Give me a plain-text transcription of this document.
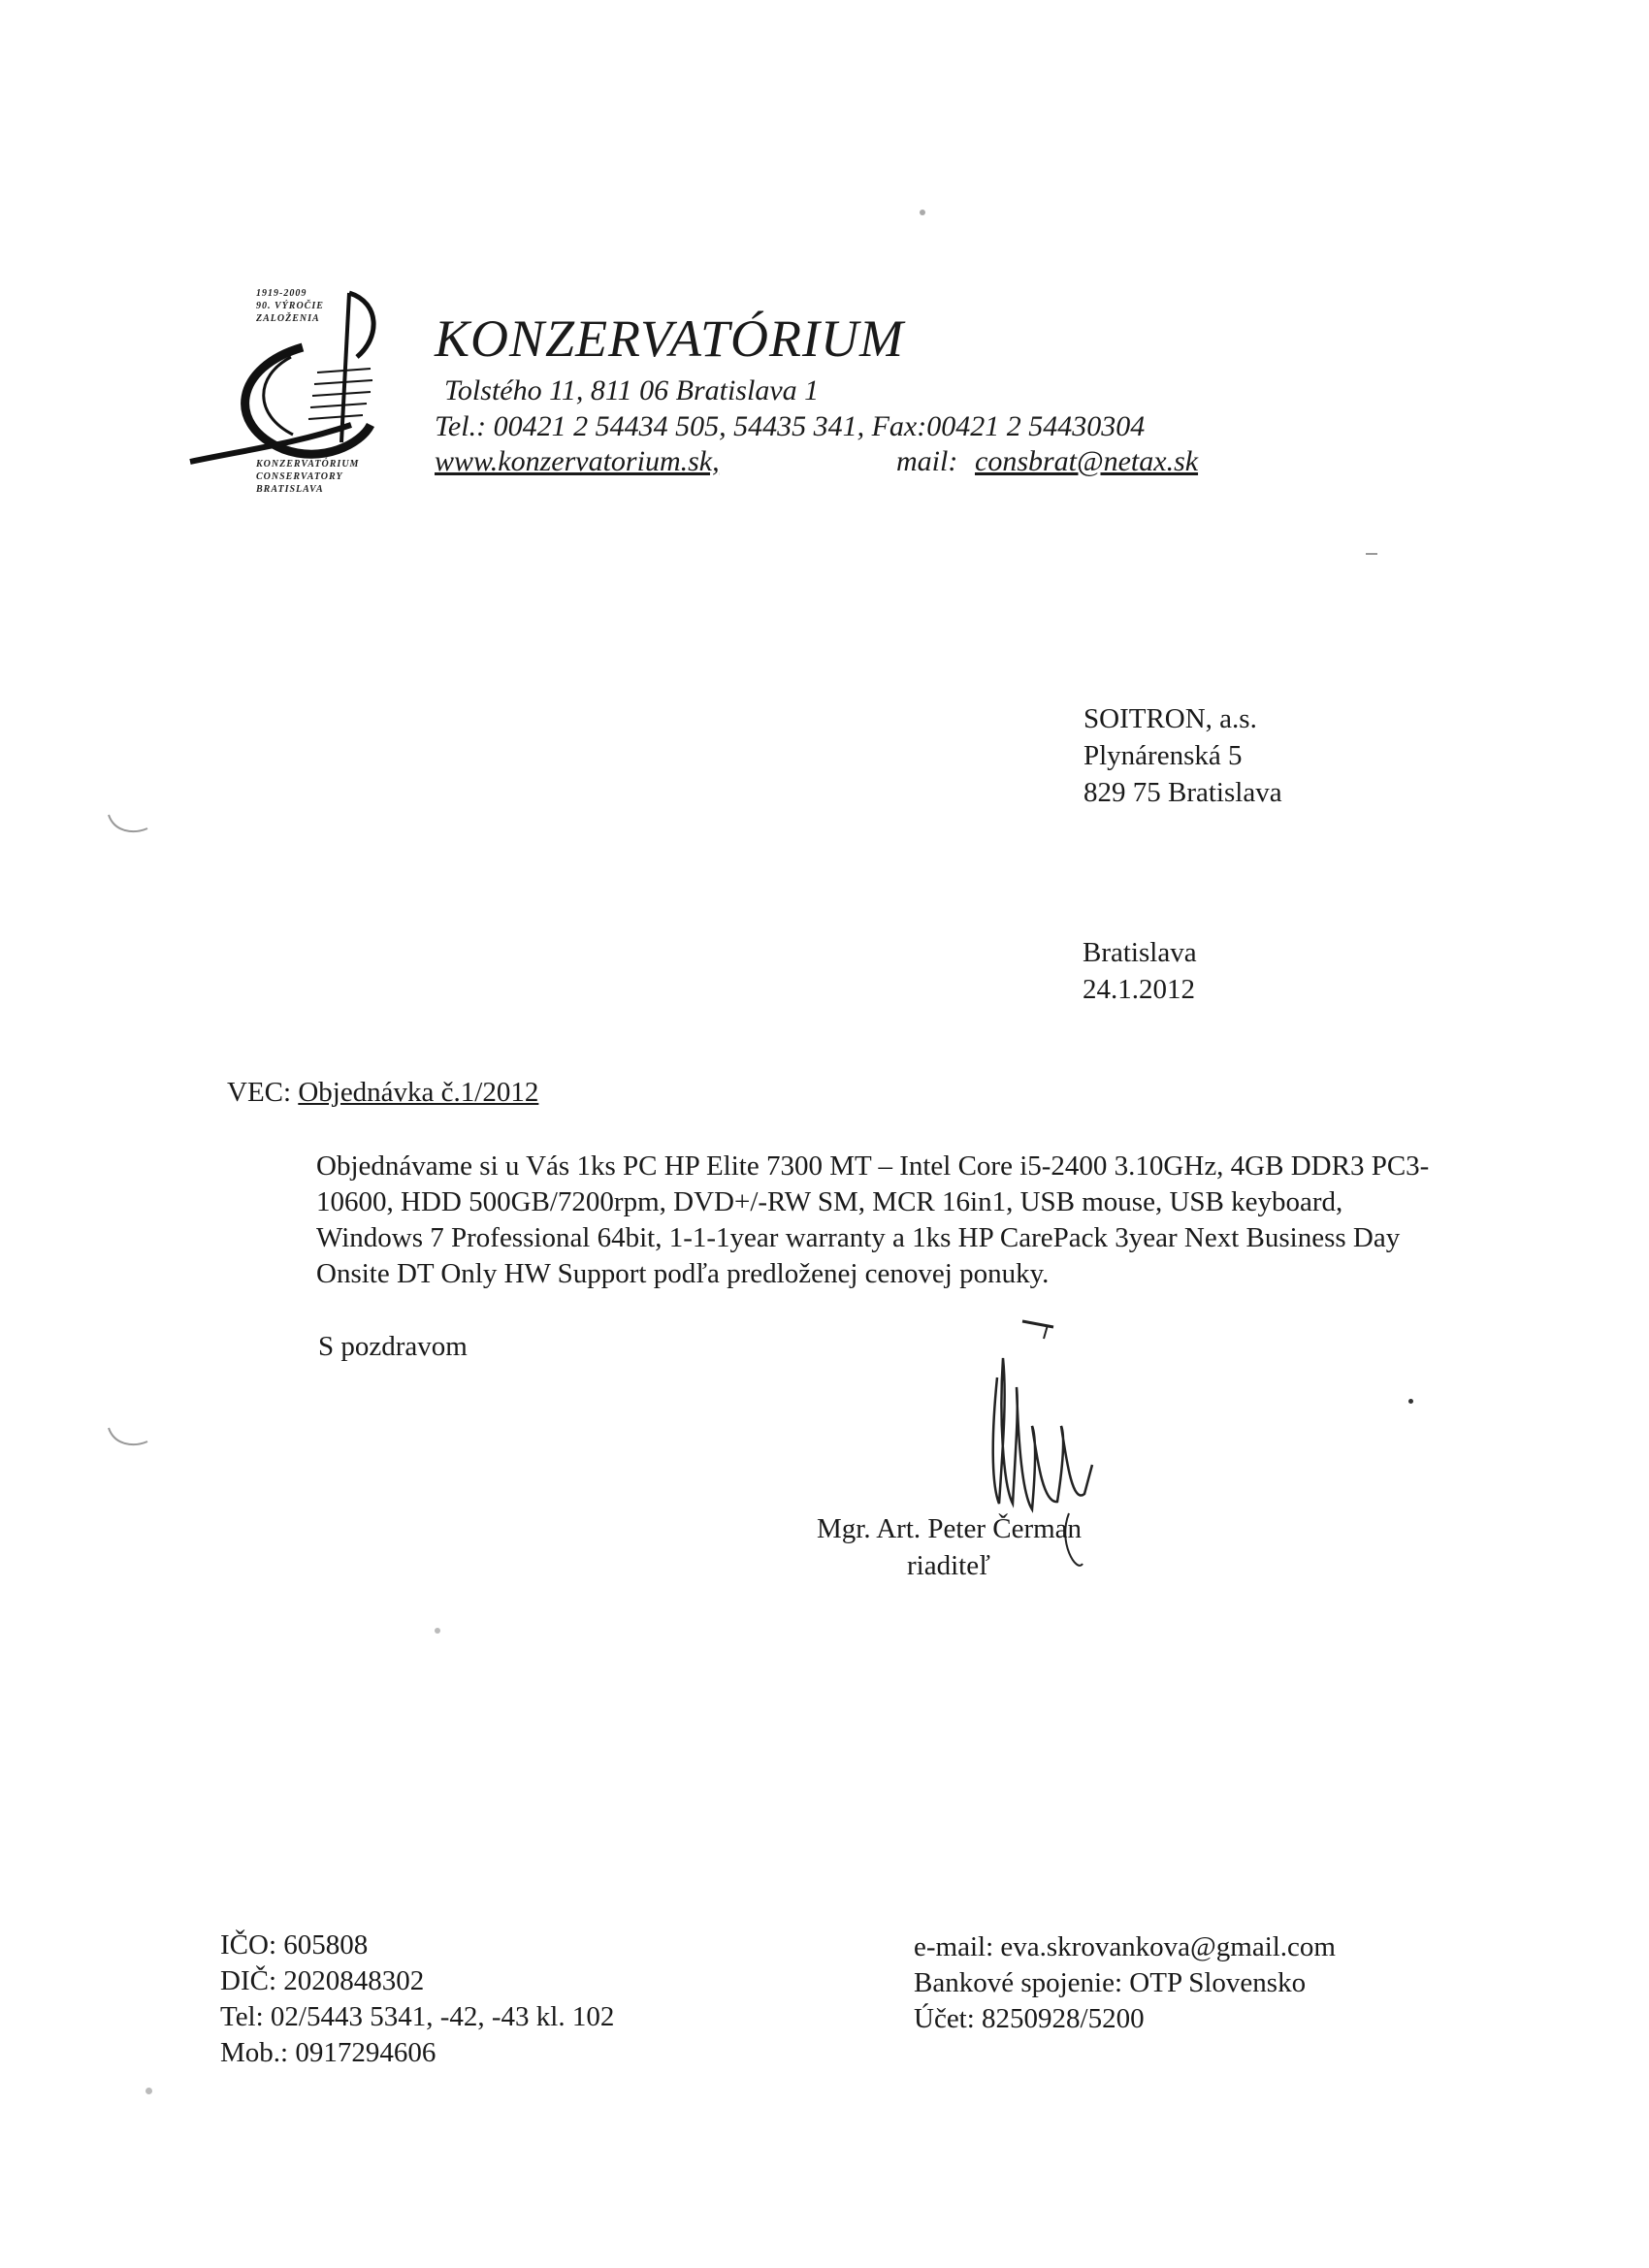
1919-2009
90. VÝROČIE
ZALOŽENIA
KONZERVATÓRIUM
CONSERVATORY
BRATISLAVA
KONZERVATÓRIUM
Tolstého 11, 811 06 Bratislava 1
Tel.: 00421 2 54434 505, 54435 341, Fax:00421 2 54430304
www.konzervatorium.sk,	mail: consbrat@netax.sk
SOITRON, a.s.
Plynárenská 5
829 75 Bratislava
Bratislava
24.1.2012
VEC: Objednávka č.1/2012

Objednávame si u Vás 1ks PC HP Elite 7300 MT – Intel Core i5-2400 3.10GHz, 4GB DDR3 PC3-10600, HDD 500GB/7200rpm, DVD+/-RW SM, MCR 16in1, USB mouse, USB keyboard, Windows 7 Professional 64bit, 1-1-1year warranty a 1ks HP CarePack 3year Next Business Day Onsite DT Only HW Support podľa predloženej cenovej ponuky.

S pozdravom
Mgr. Art. Peter Čerman
riaditeľ
IČO: 605808
DIČ: 2020848302
Tel: 02/5443 5341, -42, -43 kl. 102
Mob.: 0917294606
e-mail: eva.skrovankova@gmail.com
Bankové spojenie: OTP Slovensko
Účet: 8250928/5200
